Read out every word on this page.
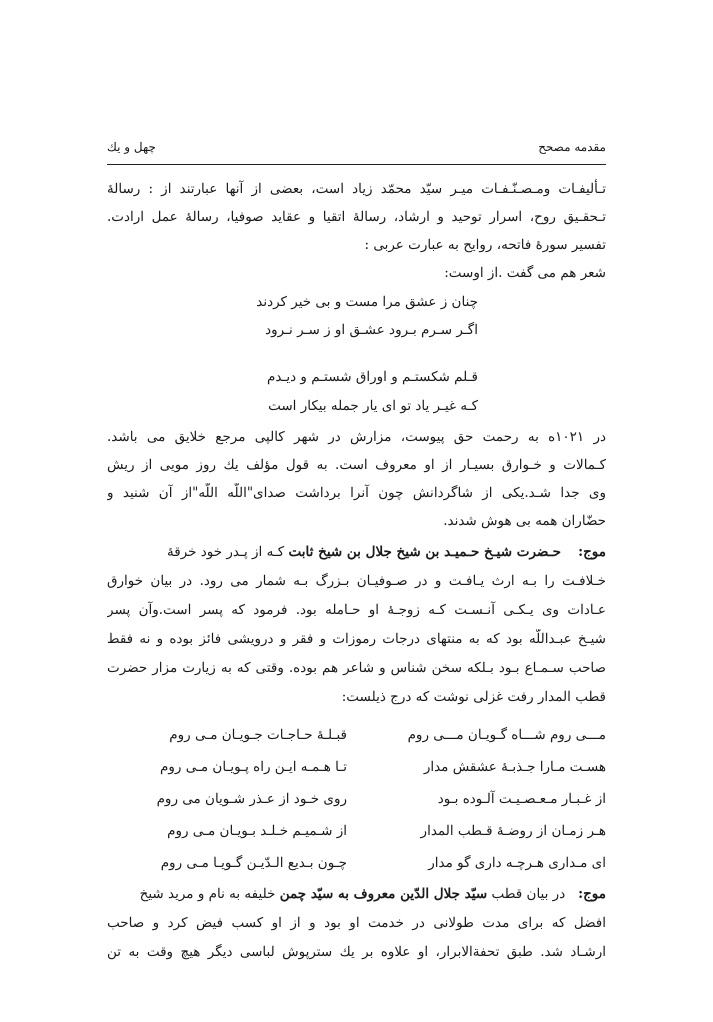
مقدمه مصحح
چهل و یك
تـألیفـات ومـصـنّـفـات میـر سیّد محمّد زیاد است، بعضی از آنها عبارتند از : رسالۀ
تـحقـیق روح، اسرار توحید و ارشاد، رسالۀ اتقیا و عقاید صوفیا، رسالۀ عمل ارادت.
تفسیر سورۀ فاتحه، روایح به عبارت عربی :
شعر هم می گفت .از اوست:
چنان ز عشق مرا مست و بی خیر کردند
اگـر سـرم بـرود عشـق او ز سـر نـرود
قـلم شکستـم و اوراق شستـم و دیـدم
کـه غیـر یاد تو ای یار جمله بیکار است
در ۱۰۲۱ه به رحمت حق پیوست، مزارش در شهر کالپی مرجع خلایق می باشد.
کـمالات و خـوارق بسیـار از او معروف است. به قول مؤلف یك روز مویی از ریش
وی جدا شـد.یکی از شاگردانش چون آنرا برداشت صدای"اللّه اللّه"از آن شنید و
حضّاران همه بی هوش شدند.
موج:    حـضرت شیـخ حـمیـد بن شیخ جلال بن شیخ ثابت کـه از پـدر خود خرقۀ
خـلافـت را بـه ارث یـافـت و در صـوفیـان بـزرگ بـه شمار می رود. در بیان خوارق
عـادات وی یـکـی آنـسـت کـه زوجـۀ او حـامله بود. فرمود که پسر است.وآن پسر
شیـخ عبـداللّه بود که به منتهای درجات رموزات و فقر و درویشی فائز بوده و نه فقط
صاحب سـمـاع بـود بـلکه سخن شناس و شاعر هم بوده. وقتی که به زیارت مزار حضرت
قطب المدار رفت غزلی نوشت که درج ذیلست:
مـــی روم شـــاه گـویـان مـــی روم
قبـلـۀ حـاجـات جـویـان مـی روم
هسـت مـارا جـذبـۀ عشقش مدار
تـا هـمـه ایـن راه پـویـان مـی روم
از غـبـار مـعـصـیـت آلـوده بـود
روی خـود از عـذر شـویان می روم
هـر زمـان از روضـۀ قـطب المدار
از شـمیـم خـلـد بـویـان مـی روم
ای مـداری هـرچـه داری گو مدار
چـون بـدیع الـدّیـن گـویـا مـی روم
موج:   در بیان قطب سیّد جلال الدّین معروف به سیّد چمن خلیفه به نام و مرید شیخ
افضل که برای مدت طولانی در خدمت او بود و از او کسب فیض کرد و صاحب
ارشـاد شد. طبق تحفةالابرار، او علاوه بر یك سترپوش لباسی دیگر هیچ وقت به تن
